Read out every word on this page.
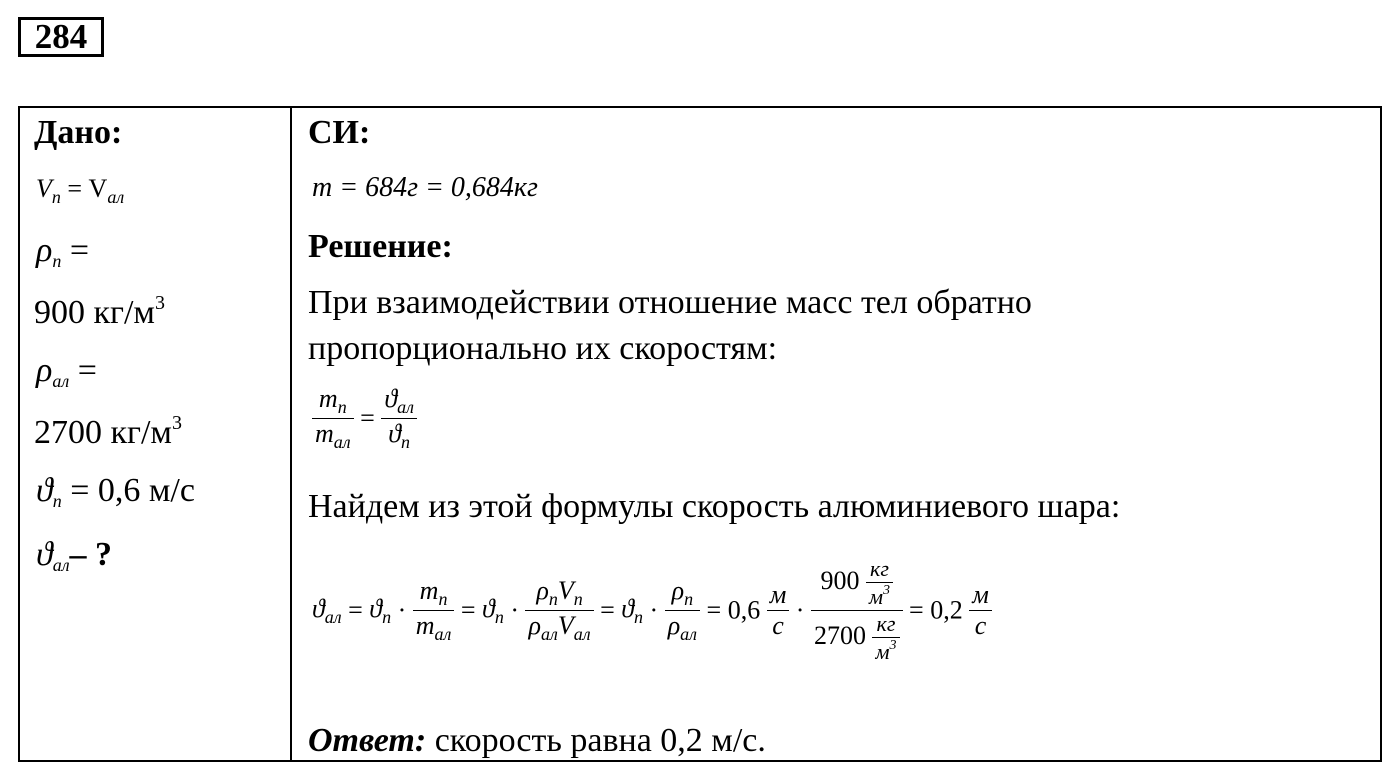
284
Дано:
$V_п = V_{ал}$
$\rho_п$ =
900 $кг/м^3$
$\rho_{ал}$ =
2700 $кг/м^3$
$ϑ_п = 0,6$ м/с
$ϑ_{ал}-$ ?

СИ:
m = 684г = 0,684кг
Решение:
При взаимодействии отношение масс тел обратно
пропорционально их скоростям:
$\frac{m_п}{m_{ал}} = \frac{ϑ_{ал}}{ϑ_п}$
Найдем из этой формулы скорость алюминиевого шара:
$ϑ_{ал} = ϑ_п \cdot \frac{m_п}{m_{ал}} = ϑ_п \cdot \frac{\rho_пV_п}{\rho_{ал}V_{ал}} = ϑ_п \cdot \frac{\rho_п}{\rho_{ал}} = 0,6 \frac{м}{с} \cdot \frac{900 \frac{кг}{м^3}}{2700 \frac{кг}{м^3}} = 0,2 \frac{м}{с}$
Ответ: скорость равна 0,2 м/с.
